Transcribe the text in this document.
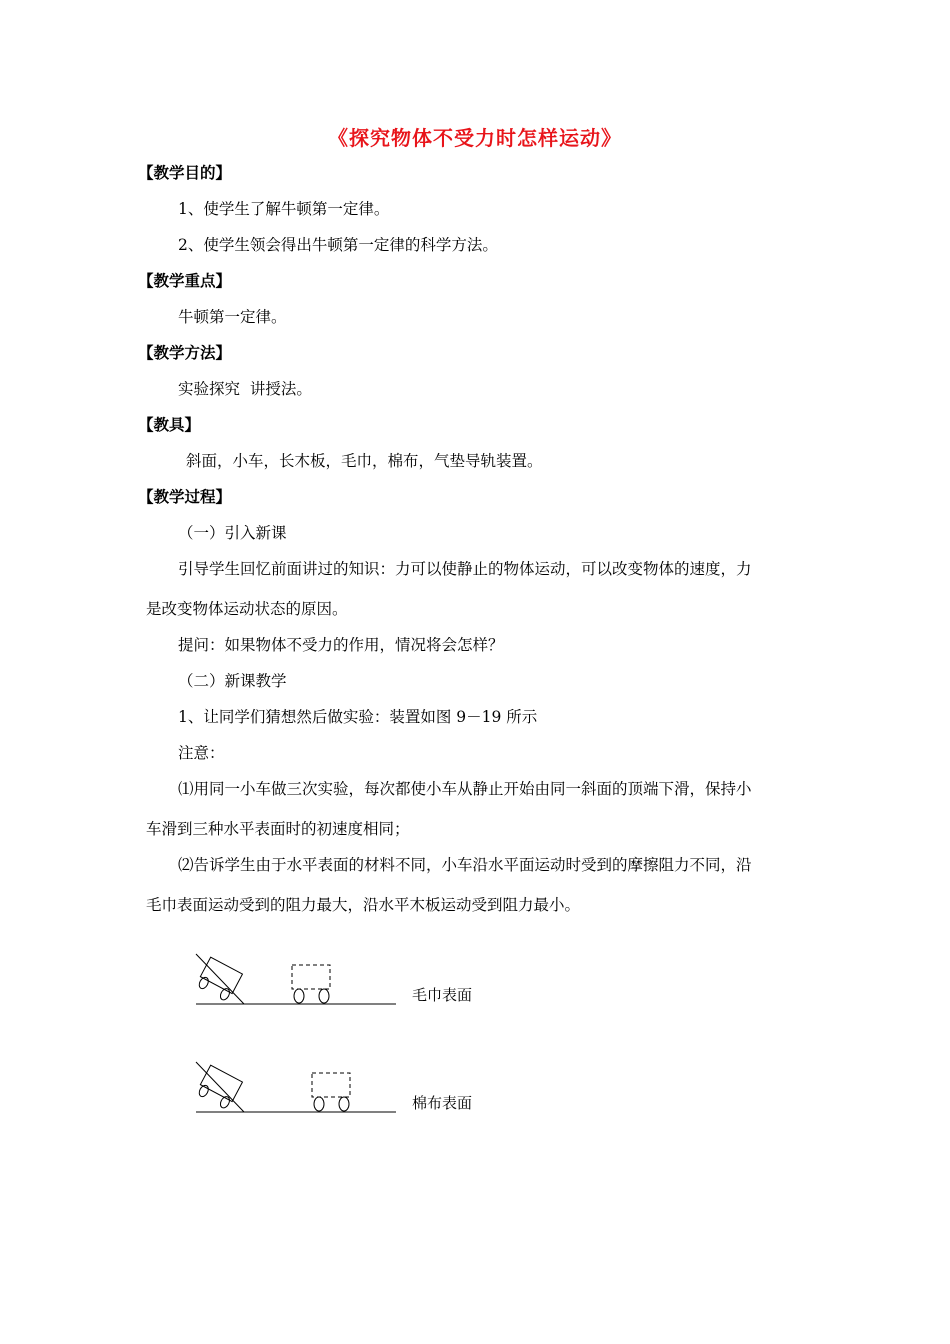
《探究物体不受力时怎样运动》
【教学目的】
1、使学生了解牛顿第一定律。
2、使学生领会得出牛顿第一定律的科学方法。
【教学重点】
牛顿第一定律。
【教学方法】
实验探究  讲授法。
【教具】
斜面，小车，长木板，毛巾，棉布，气垫导轨装置。
【教学过程】
（一）引入新课
引导学生回忆前面讲过的知识：力可以使静止的物体运动，可以改变物体的速度，力
是改变物体运动状态的原因。
提问：如果物体不受力的作用，情况将会怎样？
（二）新课教学
1、让同学们猜想然后做实验：装置如图 9－19 所示
注意：
⑴用同一小车做三次实验，每次都使小车从静止开始由同一斜面的顶端下滑，保持小
车滑到三种水平表面时的初速度相同；
⑵告诉学生由于水平表面的材料不同，小车沿水平面运动时受到的摩擦阻力不同，沿
毛巾表面运动受到的阻力最大，沿水平木板运动受到阻力最小。
毛巾表面
棉布表面
